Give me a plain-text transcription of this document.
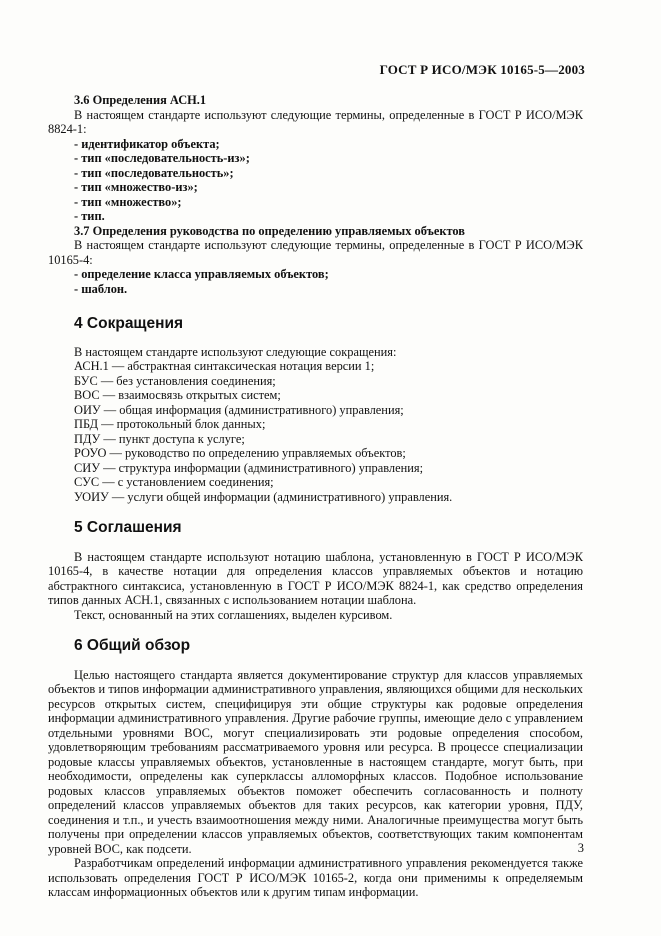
ГОСТ Р ИСО/МЭК 10165-5—2003

3.6 Определения АСН.1

В настоящем стандарте используют следующие термины, определенные в ГОСТ Р ИСО/МЭК 8824-1:

- идентификатор объекта;

- тип «последовательность-из»;

- тип «последовательность»;

- тип «множество-из»;

- тип «множество»;

- тип.

3.7 Определения руководства по определению управляемых объектов

В настоящем стандарте используют следующие термины, определенные в ГОСТ Р ИСО/МЭК 10165-4:

- определение класса управляемых объектов;

- шаблон.

4 Сокращения

В настоящем стандарте используют следующие сокращения:

АСН.1 — абстрактная синтаксическая нотация версии 1;

БУС — без установления соединения;

ВОС — взаимосвязь открытых систем;

ОИУ — общая информация (административного) управления;

ПБД — протокольный блок данных;

ПДУ — пункт доступа к услуге;

РОУО — руководство по определению управляемых объектов;

СИУ — структура информации (административного) управления;

СУС — с установлением соединения;

УОИУ — услуги общей информации (административного) управления.

5 Соглашения

В настоящем стандарте используют нотацию шаблона, установленную в ГОСТ Р ИСО/МЭК 10165-4, в качестве нотации для определения классов управляемых объектов и нотацию абстрактного синтаксиса, установленную в ГОСТ Р ИСО/МЭК 8824-1, как средство определения типов данных АСН.1, связанных с использованием нотации шаблона.

Текст, основанный на этих соглашениях, выделен курсивом.

6 Общий обзор

Целью настоящего стандарта является документирование структур для классов управляемых объектов и типов информации административного управления, являющихся общими для нескольких ресурсов открытых систем, специфицируя эти общие структуры как родовые определения информации административного управления. Другие рабочие группы, имеющие дело с управлением отдельными уровнями ВОС, могут специализировать эти родовые определения способом, удовлетворяющим требованиям рассматриваемого уровня или ресурса. В процессе специализации родовые классы управляемых объектов, установленные в настоящем стандарте, могут быть, при необходимости, определены как суперклассы алломорфных классов. Подобное использование родовых классов управляемых объектов поможет обеспечить согласованность и полноту определений классов управляемых объектов для таких ресурсов, как категории уровня, ПДУ, соединения и т.п., и учесть взаимоотношения между ними. Аналогичные преимущества могут быть получены при определении классов управляемых объектов, соответствующих таким компонентам уровней ВОС, как подсети.

Разработчикам определений информации административного управления рекомендуется также использовать определения ГОСТ Р ИСО/МЭК 10165-2, когда они применимы к определяемым классам информационных объектов или к другим типам информации.

3
